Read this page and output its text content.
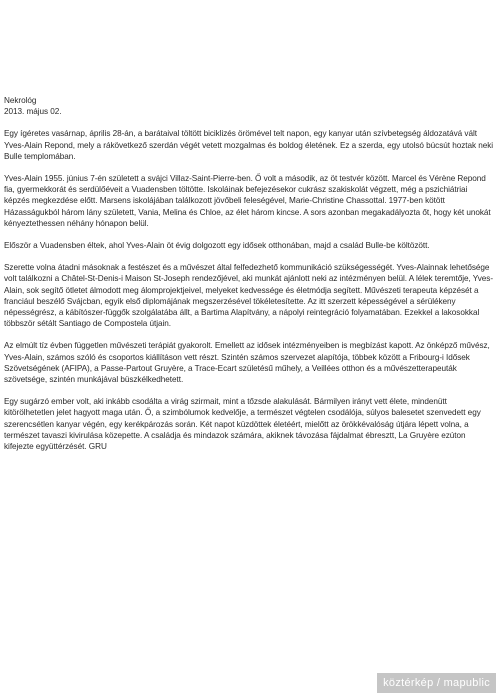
Nekrológ
2013. május 02.

Egy ígéretes vasárnap, április 28-án, a barátaival töltött biciklizés örömével telt napon, egy kanyar után szívbetegség áldozatává vált Yves-Alain Repond, mely a rákövetkező szerdán végét vetett mozgalmas és boldog életének. Ez a szerda, egy utolsó búcsút hoztak neki Bulle templomában.

Yves-Alain 1955. június 7-én született a svájci Villaz-Saint-Pierre-ben. Ő volt a második, az öt testvér között. Marcel és Vérène Repond fia, gyermekkorát és serdülőéveit a Vuadensben töltötte. Iskoláinak befejezésekor cukrász szakiskolát végzett, még a pszichiátriai képzés megkezdése előtt. Marsens iskolájában találkozott jövőbeli feleségével, Marie-Christine Chassottal. 1977-ben kötött Házasságukból három lány született, Vania, Melina és Chloe, az élet három kincse. A sors azonban megakadályozta őt, hogy két unokát kényeztethessen néhány hónapon belül.

Először a Vuadensben éltek, ahol Yves-Alain öt évig dolgozott egy idősek otthonában, majd a család Bulle-be költözött.

Szerette volna átadni másoknak a festészet és a művészet által felfedezhető kommunikáció szükségességét. Yves-Alainnak lehetősége volt találkozni a Châtel-St-Denis-i Maison St-Joseph rendezőjével, aki munkát ajánlott neki az intézményen belül. A lélek teremtője, Yves-Alain, sok segítő ötletet álmodott meg álomprojektjeivel, melyeket kedvessége és életmódja segített. Művészeti terapeuta képzését a franciául beszélő Svájcban, egyik első diplomájának megszerzésével tökéletesítette. Az itt szerzett képességével a sérülékeny népességrész, a kábítószer-függők szolgálatába állt, a Bartima Alapítvány, a nápolyi reintegráció folyamatában. Ezekkel a lakosokkal többször sétált Santiago de Compostela útjain.

Az elmúlt tíz évben független művészeti terápiát gyakorolt. Emellett az idősek intézményeiben is megbízást kapott. Az önképző művész, Yves-Alain, számos szóló és csoportos kiállításon vett részt. Szintén számos szervezet alapítója, többek között a Fribourg-i Idősek Szövetségének (AFIPA), a Passe-Partout Gruyère, a Trace-Ecart születésű műhely, a Veillées otthon és a művészetterapeuták szövetsége, szintén munkájával büszkélkedhetett.

Egy sugárzó ember volt, aki inkább csodálta a virág szirmait, mint a tőzsde alakulását. Bármilyen irányt vett élete, mindenütt kitörölhetetlen jelet hagyott maga után. Ő, a szimbólumok kedvelője, a természet végtelen csodálója, súlyos balesetet szenvedett egy szerencsétlen kanyar végén, egy kerékpározás során. Két napot küzdöttek életéért, mielőtt az örökkévalóság útjára lépett volna, a természet tavaszi kivirulása közepette. A családja és mindazok számára, akiknek távozása fájdalmat ébresztt, La Gruyère ezúton kifejezte együttérzését. GRU

köztérkép / mapublic
